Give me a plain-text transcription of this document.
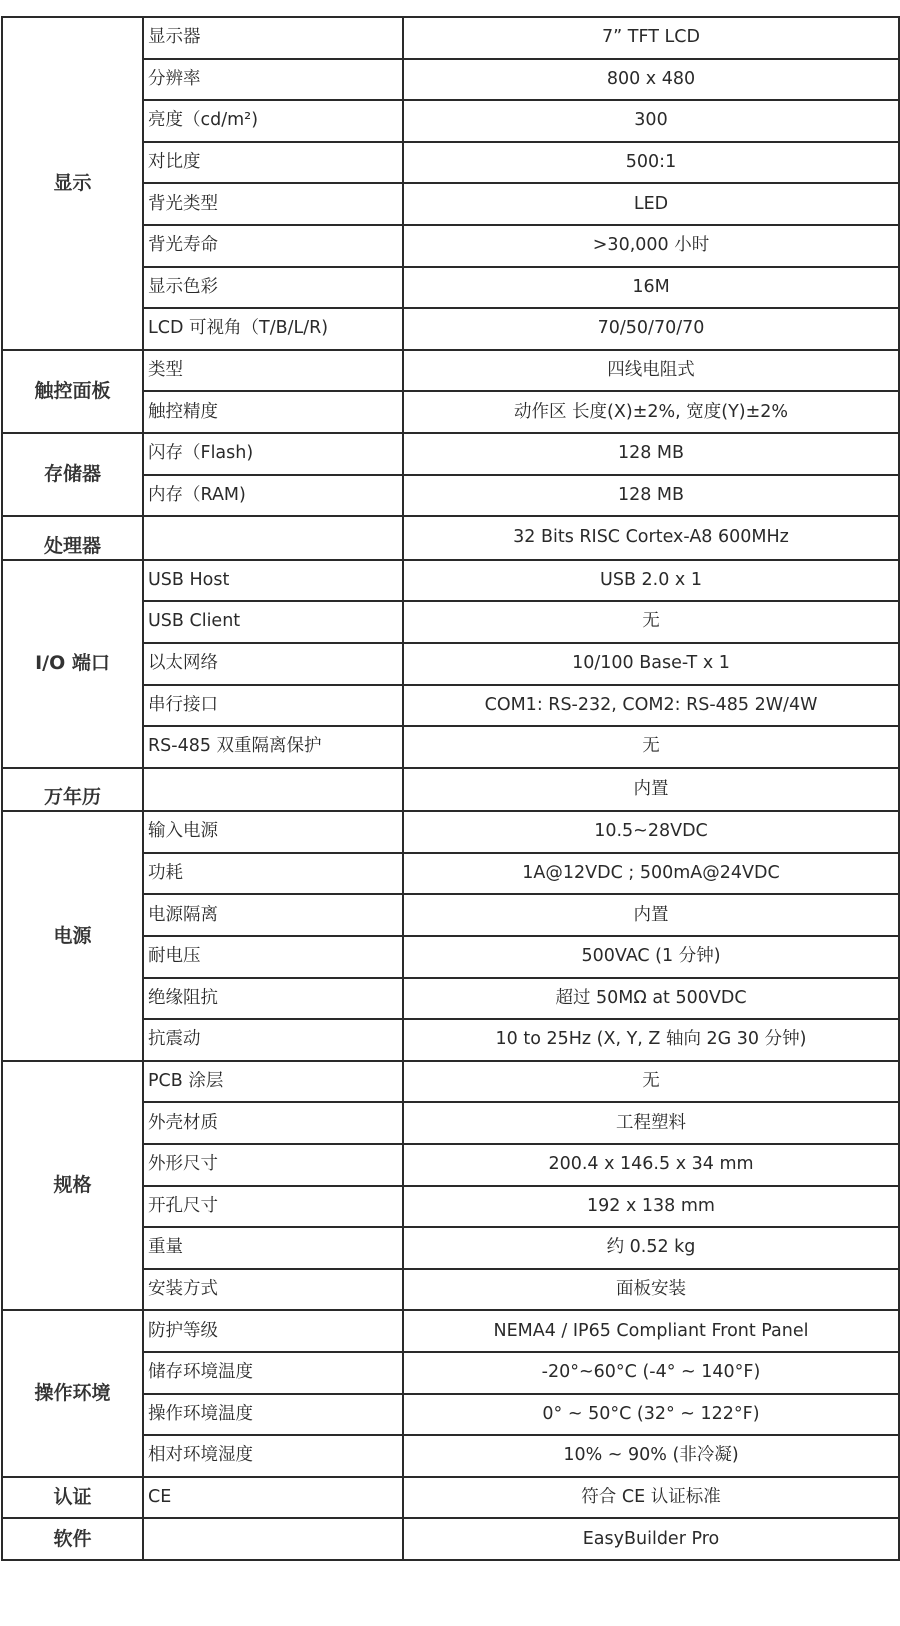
显示	显示器	7” TFT LCD
	分辨率	800 x 480
	亮度（cd/m²)	300
	对比度	500:1
	背光类型	LED
	背光寿命	>30,000 小时
	显示色彩	16M
	LCD 可视角（T/B/L/R)	70/50/70/70
触控面板	类型	四线电阻式
	触控精度	动作区 长度(X)±2%, 宽度(Y)±2%
存储器	闪存（Flash)	128 MB
	内存（RAM)	128 MB
处理器		32 Bits RISC Cortex-A8 600MHz
I/O 端口	USB Host	USB 2.0 x 1
	USB Client	无
	以太网络	10/100 Base-T x 1
	串行接口	COM1: RS-232, COM2: RS-485 2W/4W
	RS-485 双重隔离保护	无
万年历		内置
电源	输入电源	10.5~28VDC
	功耗	1A@12VDC ; 500mA@24VDC
	电源隔离	内置
	耐电压	500VAC (1 分钟)
	绝缘阻抗	超过 50MΩ at 500VDC
	抗震动	10 to 25Hz (X, Y, Z 轴向 2G 30 分钟)
规格	PCB 涂层	无
	外壳材质	工程塑料
	外形尺寸	200.4 x 146.5 x 34 mm
	开孔尺寸	192 x 138 mm
	重量	约 0.52 kg
	安装方式	面板安装
操作环境	防护等级	NEMA4 / IP65 Compliant Front Panel
	储存环境温度	-20°~60°C (-4° ~ 140°F)
	操作环境温度	0° ~ 50°C (32° ~ 122°F)
	相对环境湿度	10% ~ 90% (非冷凝)
认证	CE	符合 CE 认证标准
软件		EasyBuilder Pro
